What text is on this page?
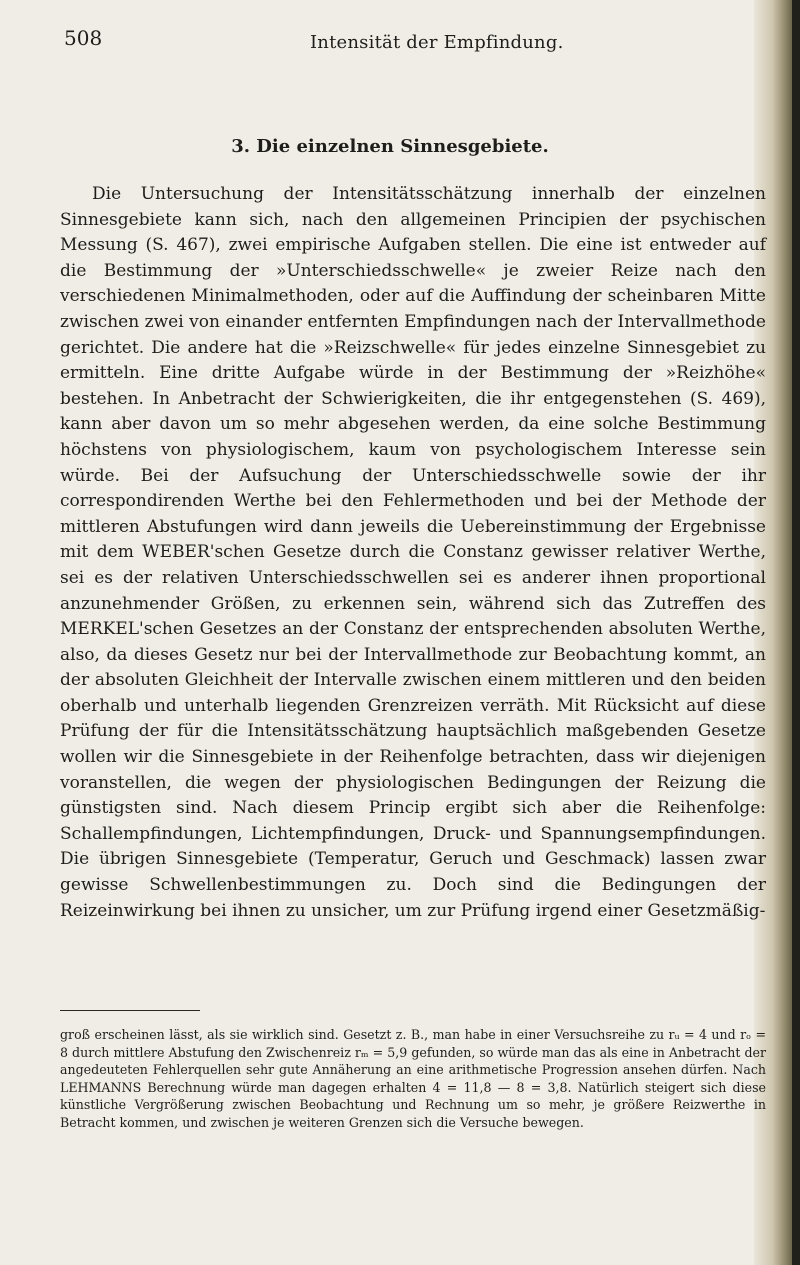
508	Intensität der Empfindung.
3. Die einzelnen Sinnesgebiete.

Die Untersuchung der Intensitätsschätzung innerhalb der einzelnen Sinnesgebiete kann sich, nach den allgemeinen Principien der psychischen Messung (S. 467), zwei empirische Aufgaben stellen. Die eine ist entweder auf die Bestimmung der »Unterschiedsschwelle« je zweier Reize nach den verschiedenen Minimalmethoden, oder auf die Auffindung der scheinbaren Mitte zwischen zwei von einander entfernten Empfindungen nach der Intervallmethode gerichtet. Die andere hat die »Reizschwelle« für jedes einzelne Sinnesgebiet zu ermitteln. Eine dritte Aufgabe würde in der Bestimmung der »Reizhöhe« bestehen. In Anbetracht der Schwierigkeiten, die ihr entgegenstehen (S. 469), kann aber davon um so mehr abgesehen werden, da eine solche Bestimmung höchstens von physiologischem, kaum von psychologischem Interesse sein würde. Bei der Aufsuchung der Unterschiedsschwelle sowie der ihr correspondirenden Werthe bei den Fehlermethoden und bei der Methode der mittleren Abstufungen wird dann jeweils die Uebereinstimmung der Ergebnisse mit dem WEBER'schen Gesetze durch die Constanz gewisser relativer Werthe, sei es der relativen Unterschiedsschwellen sei es anderer ihnen proportional anzunehmender Größen, zu erkennen sein, während sich das Zutreffen des MERKEL'schen Gesetzes an der Constanz der entsprechenden absoluten Werthe, also, da dieses Gesetz nur bei der Intervallmethode zur Beobachtung kommt, an der absoluten Gleichheit der Intervalle zwischen einem mittleren und den beiden oberhalb und unterhalb liegenden Grenzreizen verräth. Mit Rücksicht auf diese Prüfung der für die Intensitätsschätzung hauptsächlich maßgebenden Gesetze wollen wir die Sinnesgebiete in der Reihenfolge betrachten, dass wir diejenigen voranstellen, die wegen der physiologischen Bedingungen der Reizung die günstigsten sind. Nach diesem Princip ergibt sich aber die Reihenfolge: Schallempfindungen, Lichtempfindungen, Druck- und Spannungsempfindungen. Die übrigen Sinnesgebiete (Temperatur, Geruch und Geschmack) lassen zwar gewisse Schwellenbestimmungen zu. Doch sind die Bedingungen der Reizeinwirkung bei ihnen zu unsicher, um zur Prüfung irgend einer Gesetzmäßig-

groß erscheinen lässt, als sie wirklich sind. Gesetzt z. B., man habe in einer Versuchsreihe zu rᵤ = 4 und rₒ = 8 durch mittlere Abstufung den Zwischenreiz rₘ = 5,9 gefunden, so würde man das als eine in Anbetracht der angedeuteten Fehlerquellen sehr gute Annäherung an eine arithmetische Progression ansehen dürfen. Nach LEHMANNS Berechnung würde man dagegen erhalten 4 = 11,8 — 8 = 3,8. Natürlich steigert sich diese künstliche Vergrößerung zwischen Beobachtung und Rechnung um so mehr, je größere Reizwerthe in Betracht kommen, und zwischen je weiteren Grenzen sich die Versuche bewegen.
